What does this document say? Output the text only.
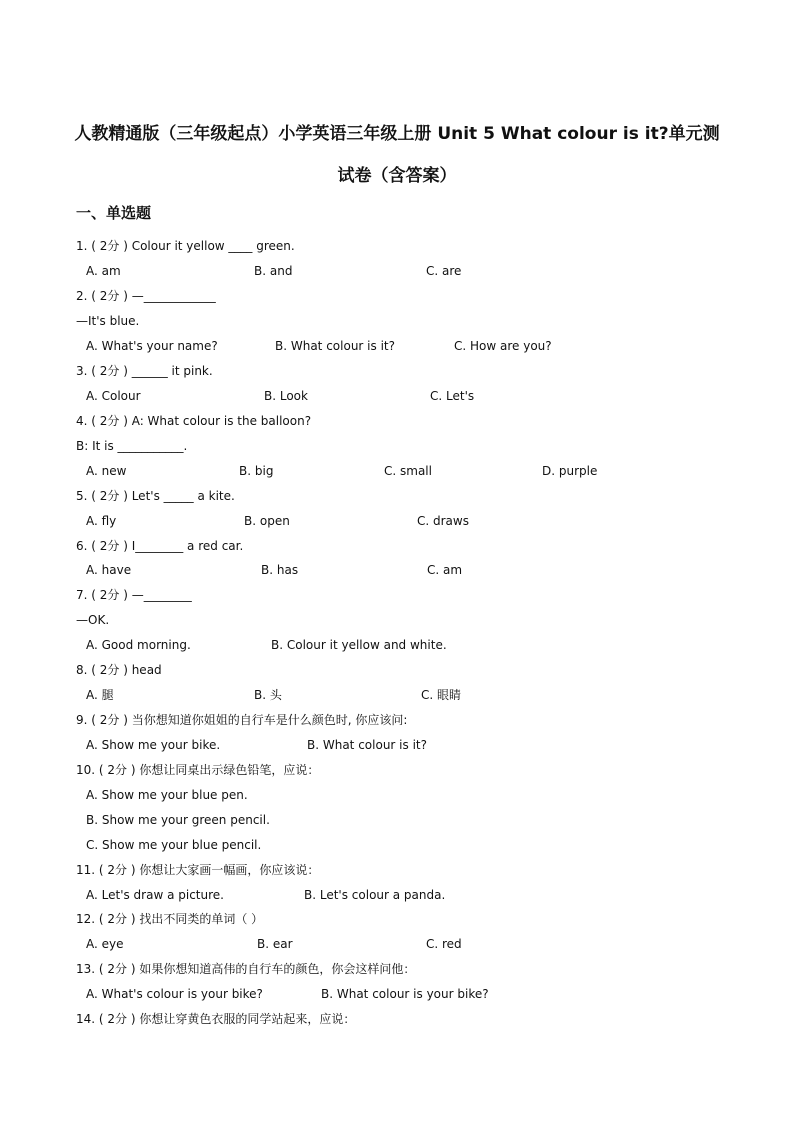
人教精通版（三年级起点）小学英语三年级上册 Unit 5 What colour is it?单元测
试卷（含答案）
一、单选题
1. ( 2分 ) Colour it yellow ____ green.
A. am	B. and	C. are
2. ( 2分 ) —____________
—It's blue.
A. What's your name?	B. What colour is it?	C. How are you?
3. ( 2分 ) ______ it pink.
A. Colour	B. Look	C. Let's
4. ( 2分 ) A: What colour is the balloon?
B: It is ___________.
A. new	B. big	C. small	D. purple
5. ( 2分 ) Let's _____ a kite.
A. fly	B. open	C. draws
6. ( 2分 ) I________ a red car.
A. have	B. has	C. am
7. ( 2分 ) —________
—OK.
A. Good morning.	B. Colour it yellow and white.
8. ( 2分 ) head
A. 腿	B. 头	C. 眼睛
9. ( 2分 ) 当你想知道你姐姐的自行车是什么颜色时, 你应该问:
A. Show me your bike.	B. What colour is it?
10. ( 2分 ) 你想让同桌出示绿色铅笔，应说：
A. Show me your blue pen.
B. Show me your green pencil.
C. Show me your blue pencil.
11. ( 2分 ) 你想让大家画一幅画，你应该说：
A. Let's draw a picture.	B. Let's colour a panda.
12. ( 2分 ) 找出不同类的单词（ ）
A. eye	B. ear	C. red
13. ( 2分 ) 如果你想知道高伟的自行车的颜色，你会这样问他：
A. What's colour is your bike?	B. What colour is your bike?
14. ( 2分 ) 你想让穿黄色衣服的同学站起来，应说：
